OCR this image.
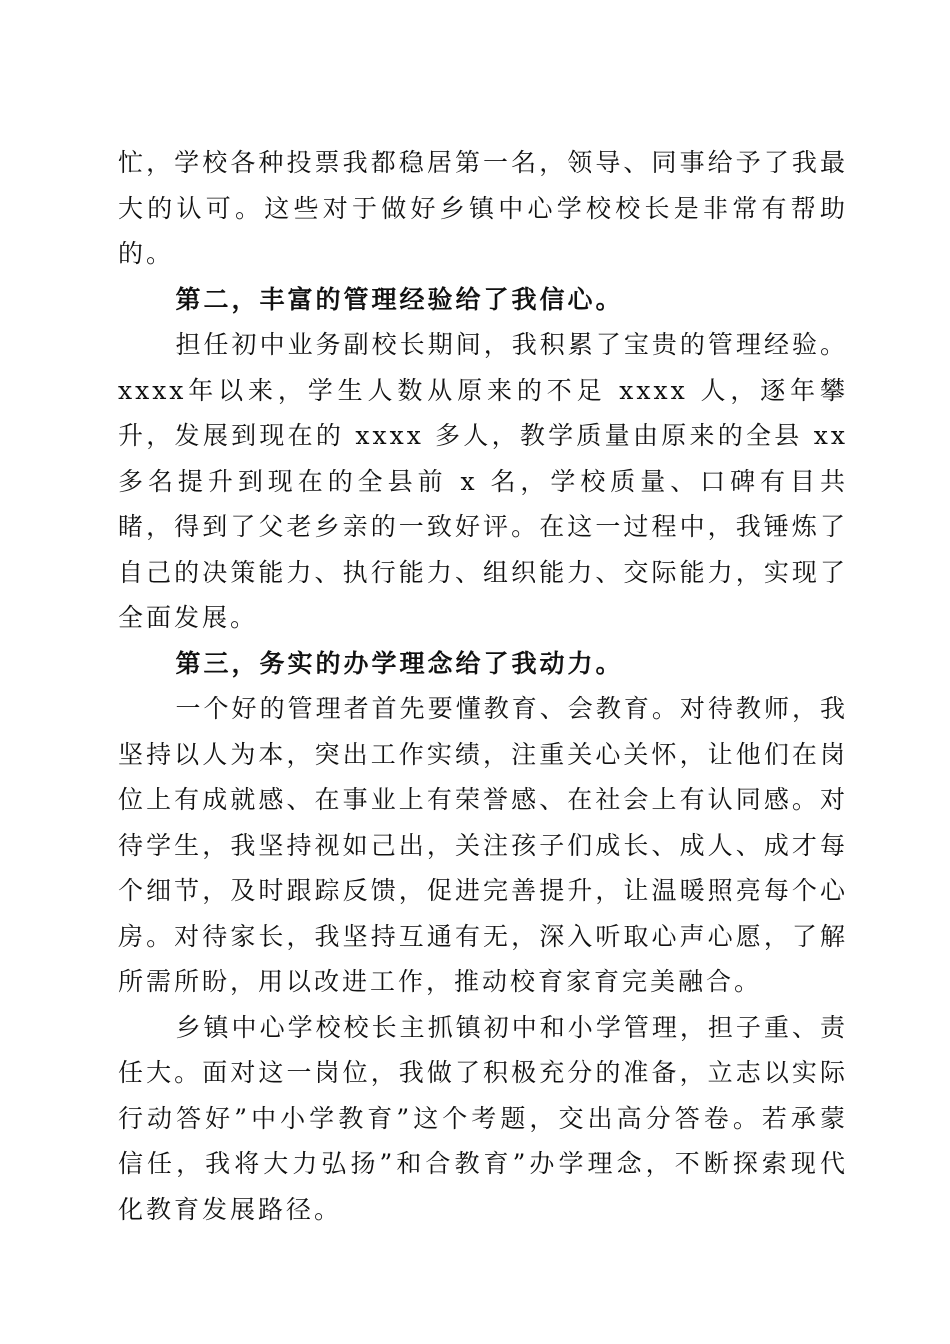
忙，学校各种投票我都稳居第一名，领导、同事给予了我最大的认可。这些对于做好乡镇中心学校校长是非常有帮助的。

第二，丰富的管理经验给了我信心。

担任初中业务副校长期间，我积累了宝贵的管理经验。xxxx年以来，学生人数从原来的不足 xxxx 人，逐年攀升，发展到现在的 xxxx 多人，教学质量由原来的全县 xx 多名提升到现在的全县前 x 名，学校质量、口碑有目共睹，得到了父老乡亲的一致好评。在这一过程中，我锤炼了自己的决策能力、执行能力、组织能力、交际能力，实现了全面发展。

第三，务实的办学理念给了我动力。

一个好的管理者首先要懂教育、会教育。对待教师，我坚持以人为本，突出工作实绩，注重关心关怀，让他们在岗位上有成就感、在事业上有荣誉感、在社会上有认同感。对待学生，我坚持视如己出，关注孩子们成长、成人、成才每个细节，及时跟踪反馈，促进完善提升，让温暖照亮每个心房。对待家长，我坚持互通有无，深入听取心声心愿，了解所需所盼，用以改进工作，推动校育家育完美融合。

乡镇中心学校校长主抓镇初中和小学管理，担子重、责任大。面对这一岗位，我做了积极充分的准备，立志以实际行动答好”中小学教育”这个考题，交出高分答卷。若承蒙信任，我将大力弘扬”和合教育”办学理念，不断探索现代化教育发展路径。
